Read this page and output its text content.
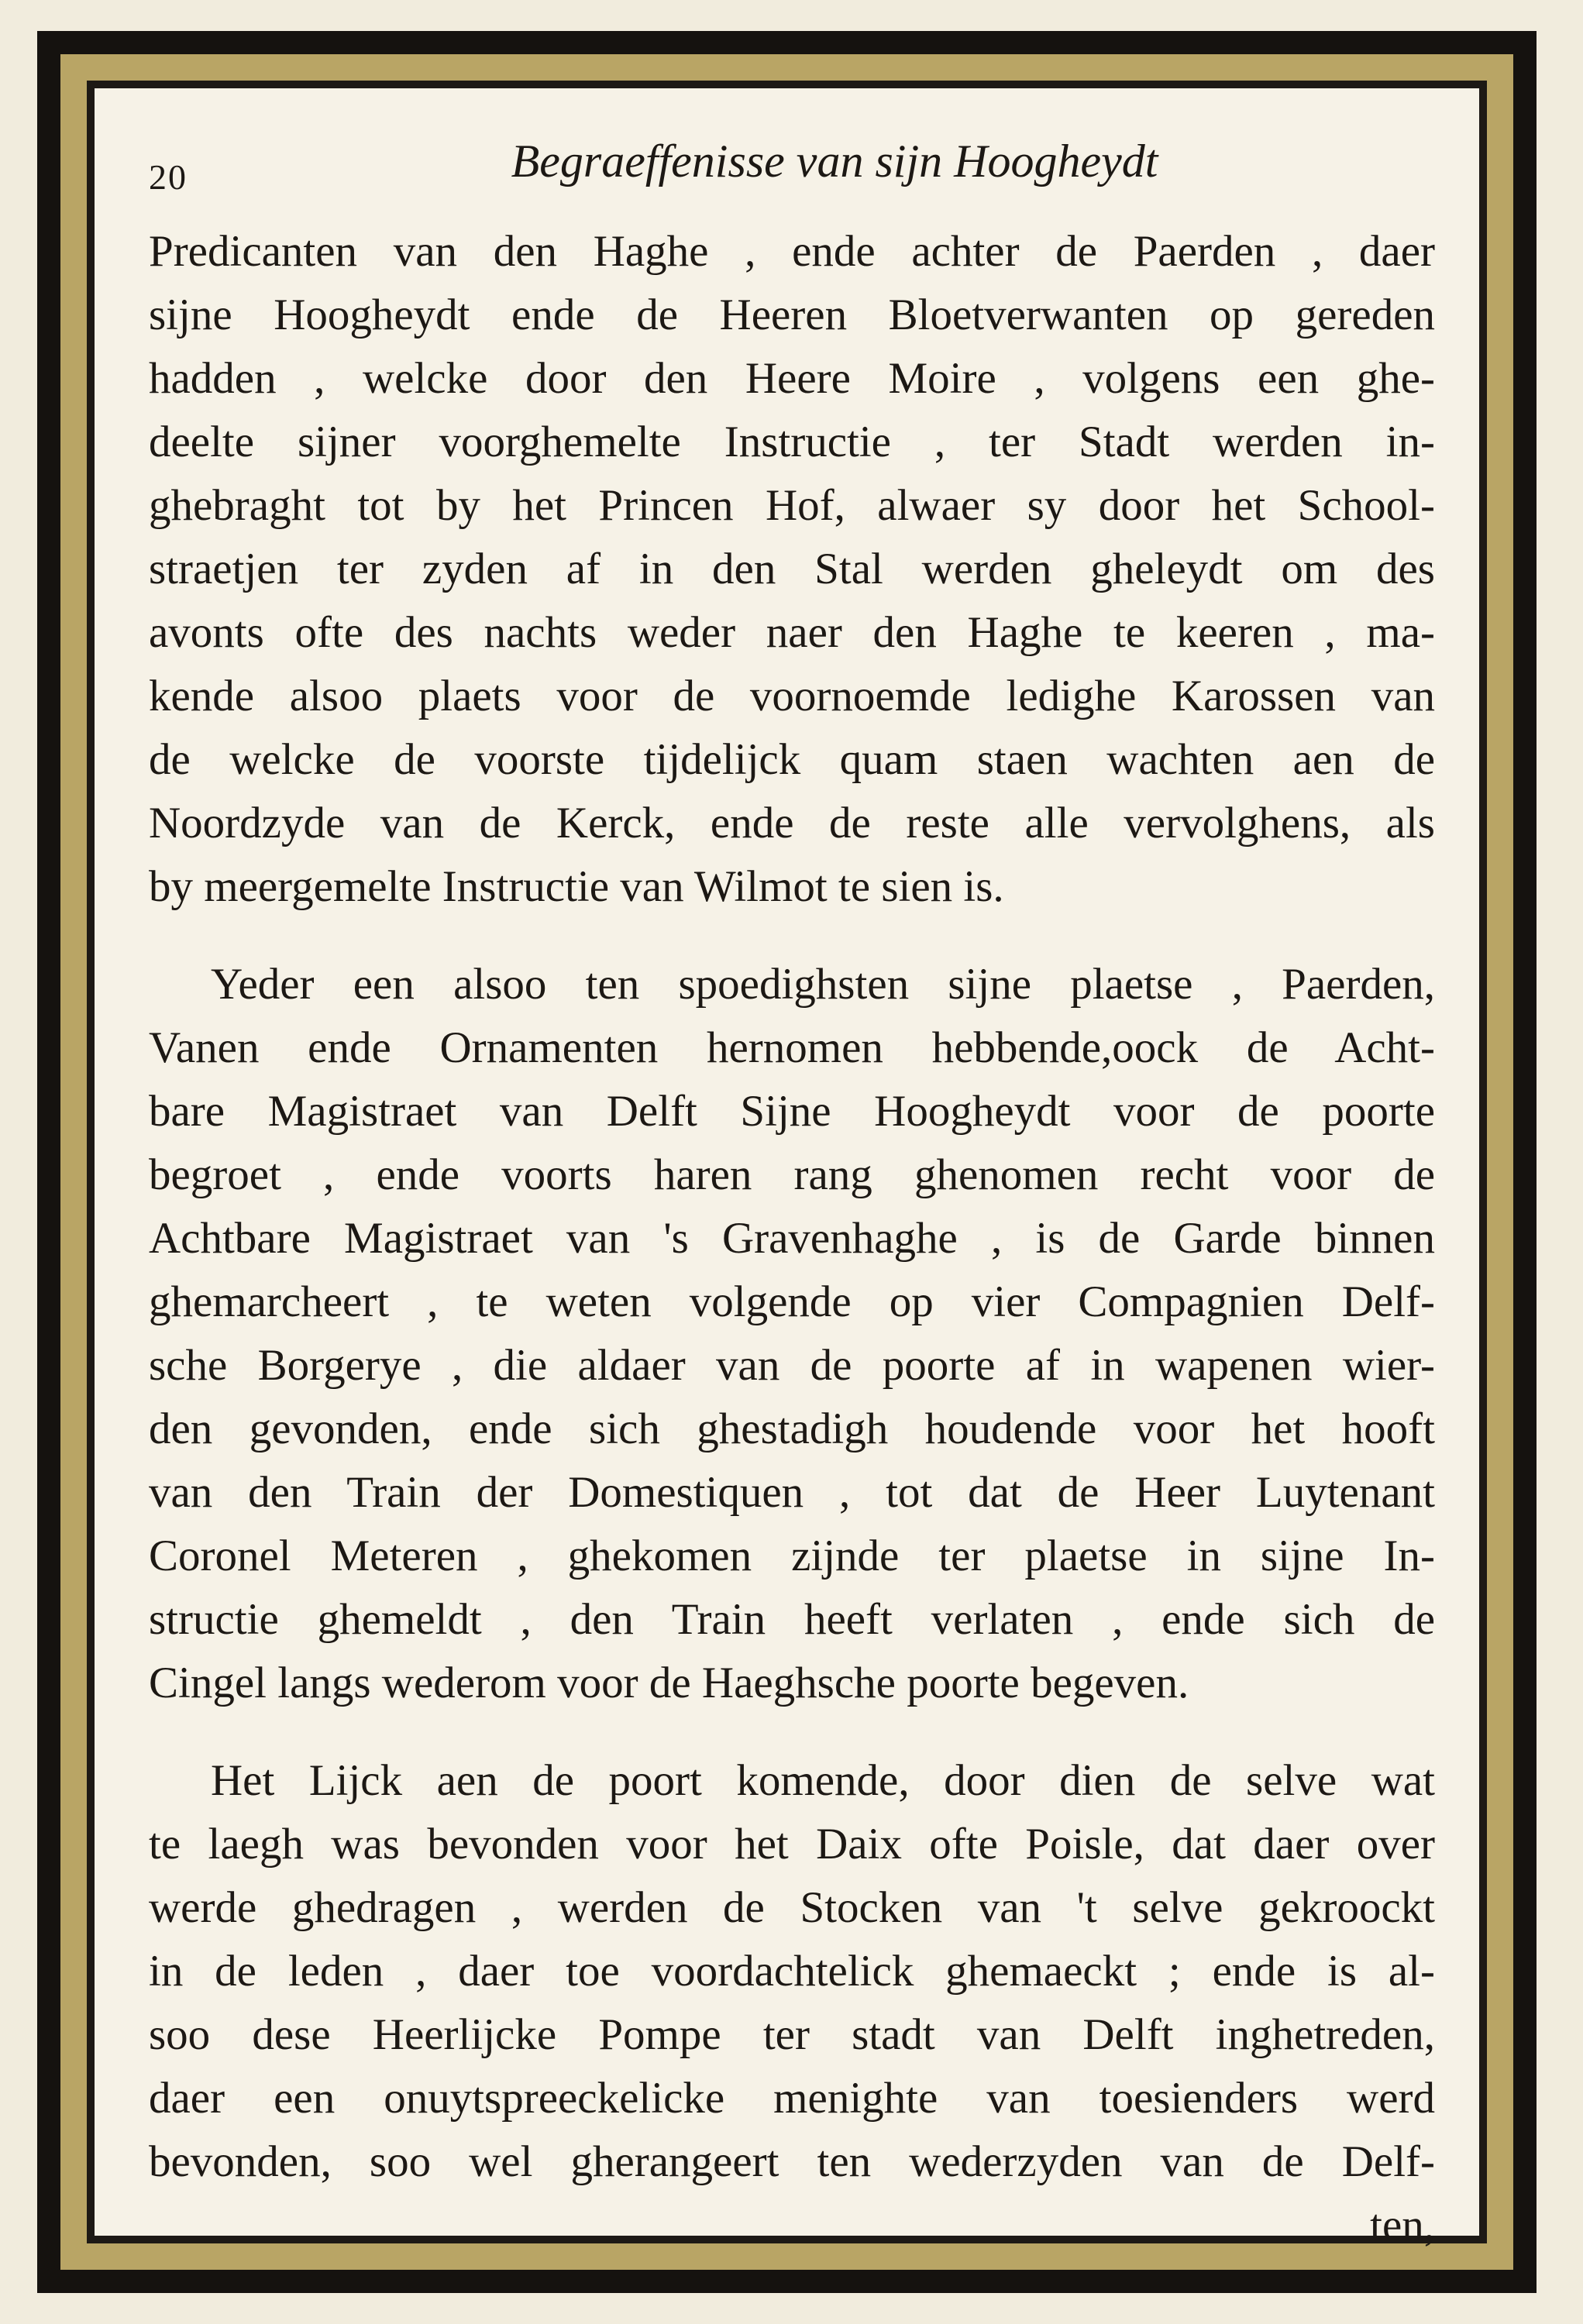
20	Begraeffenisse van sijn Hoogheydt
Predicanten van den Haghe , ende achter de Paerden , daer
sijne Hoogheydt ende de Heeren Bloetverwanten op gereden
hadden , welcke door den Heere Moire , volgens een ghe-
deelte sijner voorghemelte Instructie , ter Stadt werden in-
ghebraght tot by het Princen Hof, alwaer sy door het School-
straetjen ter zyden af in den Stal werden gheleydt om des
avonts ofte des nachts weder naer den Haghe te keeren , ma-
kende alsoo plaets voor de voornoemde ledighe Karossen van
de welcke de voorste tijdelijck quam staen wachten aen de
Noordzyde van de Kerck, ende de reste alle vervolghens, als
by meergemelte Instructie van Wilmot te sien is.
Yeder een alsoo ten spoedighsten sijne plaetse , Paerden,
Vanen ende Ornamenten hernomen hebbende,oock de Acht-
bare Magistraet van Delft Sijne Hoogheydt voor de poorte
begroet , ende voorts haren rang ghenomen recht voor de
Achtbare Magistraet van 's Gravenhaghe , is de Garde binnen
ghemarcheert , te weten volgende op vier Compagnien Delf-
sche Borgerye , die aldaer van de poorte af in wapenen wier-
den gevonden, ende sich ghestadigh houdende voor het hooft
van den Train der Domestiquen , tot dat de Heer Luytenant
Coronel Meteren , ghekomen zijnde ter plaetse in sijne In-
structie ghemeldt , den Train heeft verlaten , ende sich de
Cingel langs wederom voor de Haeghsche poorte begeven.
Het Lijck aen de poort komende, door dien de selve wat
te laegh was bevonden voor het Daix ofte Poisle, dat daer over
werde ghedragen , werden de Stocken van 't selve gekroockt
in de leden , daer toe voordachtelick ghemaeckt ; ende is al-
soo dese Heerlijcke Pompe ter stadt van Delft inghetreden,
daer een onuytspreeckelicke menighte van toesienders werd
bevonden, soo wel gherangeert ten wederzyden van de Delf-
ten,
